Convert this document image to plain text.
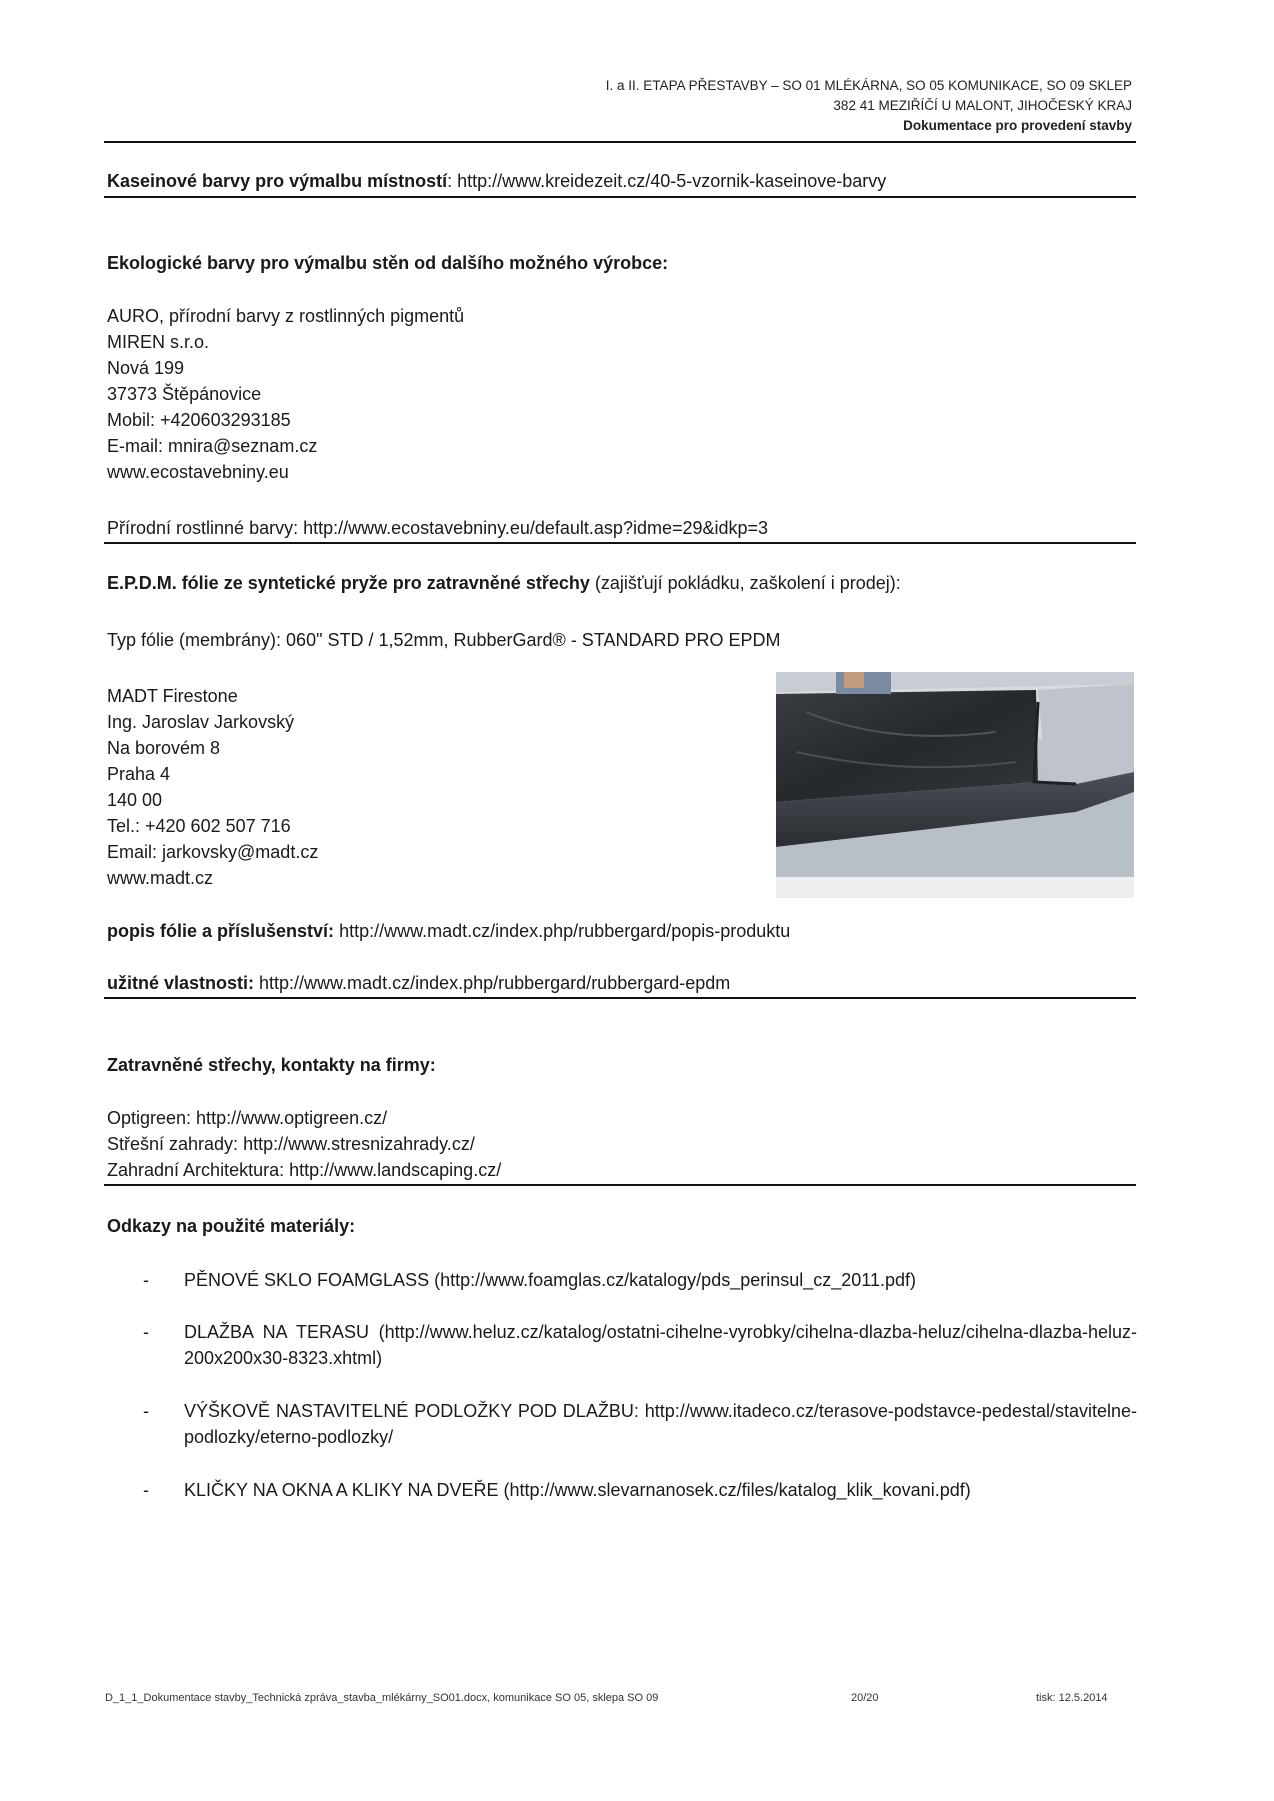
I. a II. ETAPA PŘESTAVBY – SO 01 MLÉKÁRNA, SO 05 KOMUNIKACE, SO 09 SKLEP
382 41 MEZIŘÍČÍ U MALONT, JIHOČESKÝ KRAJ
Dokumentace pro provedení stavby
Kaseinové barvy pro výmalbu místností: http://www.kreidezeit.cz/40-5-vzornik-kaseinove-barvy
Ekologické barvy pro výmalbu stěn od dalšího možného výrobce:
AURO, přírodní barvy z rostlinných pigmentů
MIREN s.r.o.
Nová 199
37373 Štěpánovice
Mobil: +420603293185
E-mail: mnira@seznam.cz
www.ecostavebniny.eu
Přírodní rostlinné barvy: http://www.ecostavebniny.eu/default.asp?idme=29&idkp=3
E.P.D.M. fólie ze syntetické pryže pro zatravněné střechy (zajišťují pokládku, zaškolení i prodej):
Typ fólie (membrány): 060" STD / 1,52mm, RubberGard® - STANDARD PRO EPDM
MADT Firestone
Ing. Jaroslav Jarkovský
Na borovém 8
Praha 4
140 00
Tel.: +420 602 507 716
Email: jarkovsky@madt.cz
www.madt.cz
popis fólie a příslušenství: http://www.madt.cz/index.php/rubbergard/popis-produktu
užitné vlastnosti: http://www.madt.cz/index.php/rubbergard/rubbergard-epdm
Zatravněné střechy, kontakty na firmy:
Optigreen: http://www.optigreen.cz/
Střešní zahrady: http://www.stresnizahrady.cz/
Zahradní Architektura: http://www.landscaping.cz/
Odkazy na použité materiály:
- PĚNOVÉ SKLO FOAMGLASS (http://www.foamglas.cz/katalogy/pds_perinsul_cz_2011.pdf)
- DLAŽBA NA TERASU (http://www.heluz.cz/katalog/ostatni-cihelne-vyrobky/cihelna-dlazba-heluz/cihelna-dlazba-heluz-200x200x30-8323.xhtml)
- VÝŠKOVĚ NASTAVITELNÉ PODLOŽKY POD DLAŽBU: http://www.itadeco.cz/terasove-podstavce-pedestal/stavitelne-podlozky/eterno-podlozky/
- KLIČKY NA OKNA A KLIKY NA DVEŘE (http://www.slevarnanosek.cz/files/katalog_klik_kovani.pdf)
D_1_1_Dokumentace stavby_Technická zpráva_stavba_mlékárny_SO01.docx, komunikace SO 05, sklepa SO 09	20/20	tisk: 12.5.2014
